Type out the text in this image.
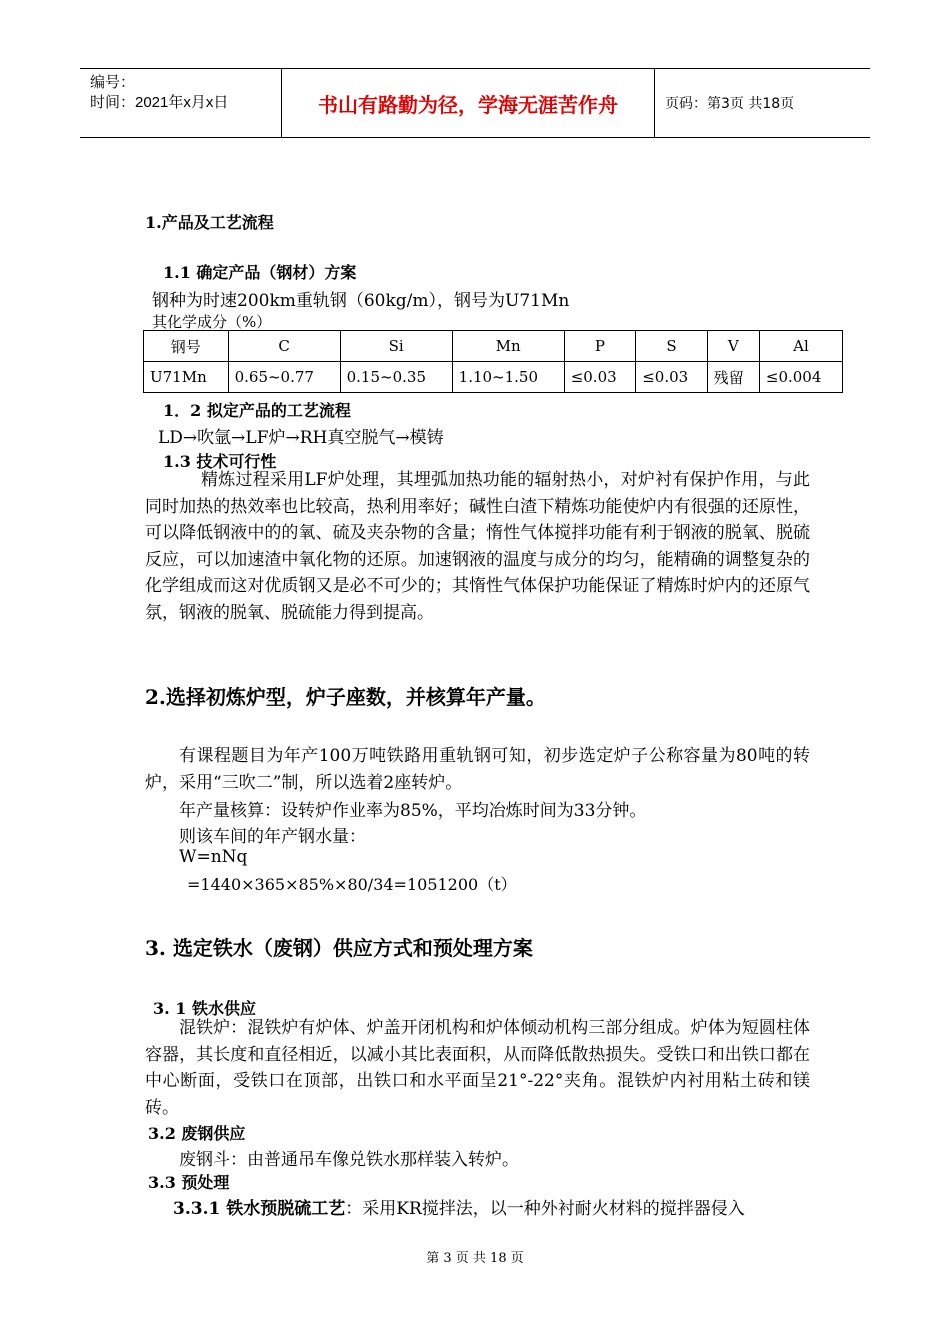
编号：
时间：2021年x月x日	书山有路勤为径，学海无涯苦作舟	页码：第3页 共18页
1.产品及工艺流程
1.1 确定产品（钢材）方案
钢种为时速200km重轨钢（60kg/m），钢号为U71Mn
其化学成分（%）
钢号	C	Si	Mn	P	S	V	Al
U71Mn	0.65~0.77	0.15~0.35	1.10~1.50	≤0.03	≤0.03	残留	≤0.004
1．2 拟定产品的工艺流程
LD→吹氩→LF炉→RH真空脱气→模铸
1.3 技术可行性
精炼过程采用LF炉处理，其埋弧加热功能的辐射热小，对炉衬有保护作用，与此同时加热的热效率也比较高，热利用率好；碱性白渣下精炼功能使炉内有很强的还原性，可以降低钢液中的的氧、硫及夹杂物的含量；惰性气体搅拌功能有利于钢液的脱氧、脱硫反应，可以加速渣中氧化物的还原。加速钢液的温度与成分的均匀，能精确的调整复杂的化学组成而这对优质钢又是必不可少的；其惰性气体保护功能保证了精炼时炉内的还原气氛，钢液的脱氧、脱硫能力得到提高。
2.选择初炼炉型，炉子座数，并核算年产量。
有课程题目为年产100万吨铁路用重轨钢可知，初步选定炉子公称容量为80吨的转炉，采用“三吹二”制，所以选着2座转炉。
年产量核算：设转炉作业率为85%，平均冶炼时间为33分钟。
则该车间的年产钢水量：
W=nNq
=1440×365×85%×80/34=1051200（t）
3. 选定铁水（废钢）供应方式和预处理方案
3. 1 铁水供应
混铁炉：混铁炉有炉体、炉盖开闭机构和炉体倾动机构三部分组成。炉体为短圆柱体容器，其长度和直径相近，以减小其比表面积，从而降低散热损失。受铁口和出铁口都在中心断面，受铁口在顶部，出铁口和水平面呈21°-22°夹角。混铁炉内衬用粘土砖和镁砖。
3.2 废钢供应
废钢斗：由普通吊车像兑铁水那样装入转炉。
3.3 预处理
3.3.1 铁水预脱硫工艺：采用KR搅拌法，以一种外衬耐火材料的搅拌器侵入
第 3 页 共 18 页
